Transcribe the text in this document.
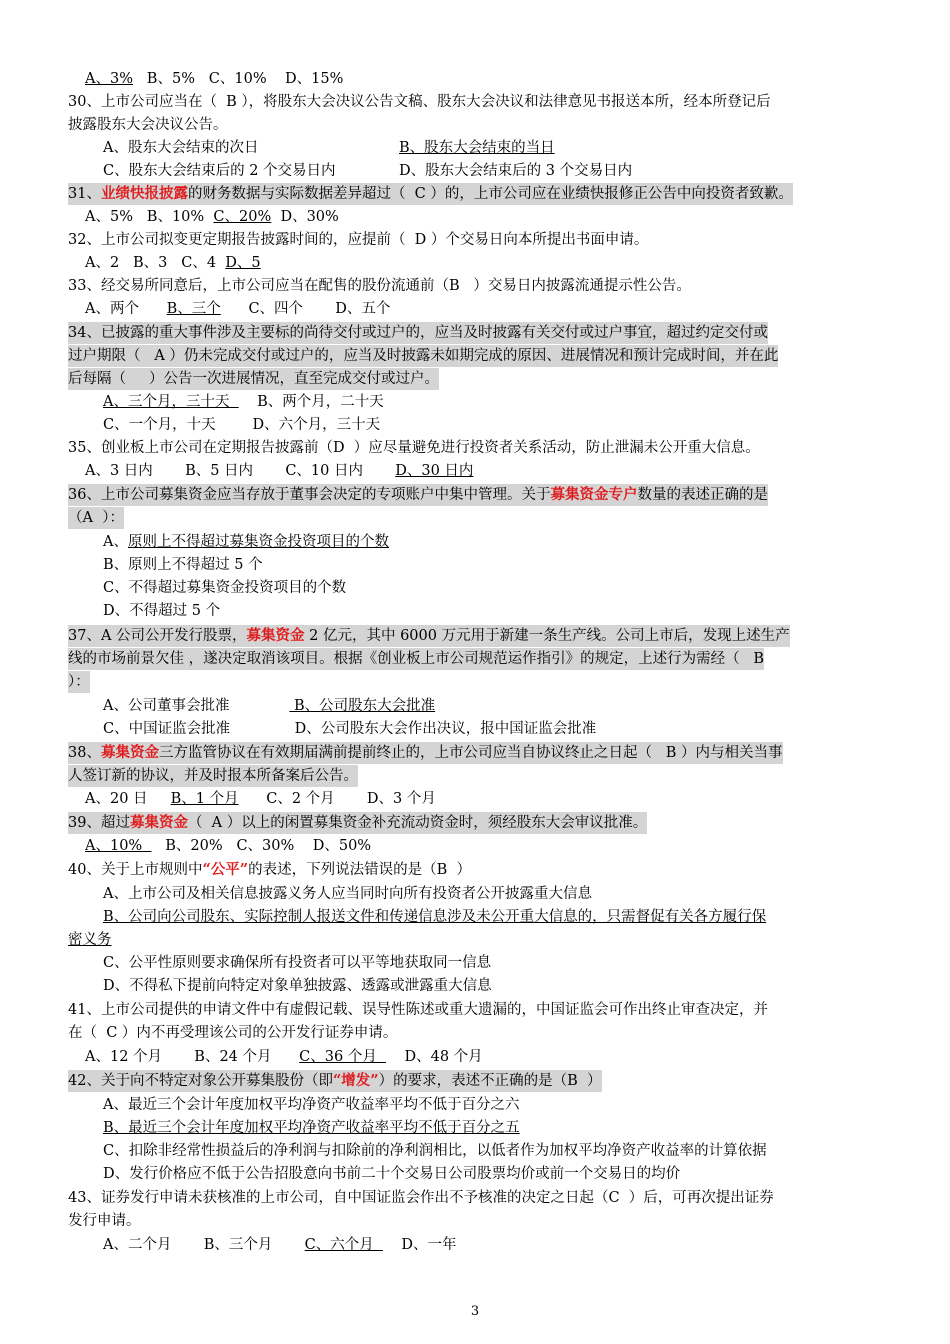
A、3%   B、5%   C、10%    D、15%
30、上市公司应当在（  B ），将股东大会决议公告文稿、股东大会决议和法律意见书报送本所，经本所登记后
披露股东大会决议公告。
A、股东大会结束的次日	B、股东大会结束的当日
C、股东大会结束后的 2 个交易日内	D、股东大会结束后的 3 个交易日内
31、业绩快报披露的财务数据与实际数据差异超过（  C ）的，上市公司应在业绩快报修正公告中向投资者致歉。
A、5%   B、10%  C、20%  D、30%
32、上市公司拟变更定期报告披露时间的，应提前（  D ）个交易日向本所提出书面申请。
A、2   B、3   C、4  D、5
33、经交易所同意后，上市公司应当在配售的股份流通前（B   ）交易日内披露流通提示性公告。
A、两个      B、三个      C、四个       D、五个
34、已披露的重大事件涉及主要标的尚待交付或过户的，应当及时披露有关交付或过户事宜，超过约定交付或
过户期限（   A ）仍未完成交付或过户的，应当及时披露未如期完成的原因、进展情况和预计完成时间，并在此
后每隔（     ）公告一次进展情况，直至完成交付或过户。
A、三个月，三十天      B、两个月，二十天
C、一个月，十天        D、六个月，三十天
35、创业板上市公司在定期报告披露前（D  ）应尽量避免进行投资者关系活动，防止泄漏未公开重大信息。
A、3 日内       B、5 日内       C、10 日内       D、30 日内
36、上市公司募集资金应当存放于董事会决定的专项账户中集中管理。关于募集资金专户数量的表述正确的是
（A  ）：
A、原则上不得超过募集资金投资项目的个数
B、原则上不得超过 5 个
C、不得超过募集资金投资项目的个数
D、不得超过 5 个
37、A 公司公开发行股票，募集资金 2 亿元，其中 6000 万元用于新建一条生产线。公司上市后，发现上述生产
线的市场前景欠佳 ，遂决定取消该项目。根据《创业板上市公司规范运作指引》的规定，上述行为需经（   B
）：
A、公司董事会批准              B、公司股东大会批准
C、中国证监会批准              D、公司股东大会作出决议，报中国证监会批准
38、募集资金三方监管协议在有效期届满前提前终止的，上市公司应当自协议终止之日起（   B ）内与相关当事
人签订新的协议，并及时报本所备案后公告。
A、20 日     B、1 个月      C、2 个月       D、3 个月
39、超过募集资金（  A ）以上的闲置募集资金补充流动资金时，须经股东大会审议批准。
A、10%     B、20%   C、30%    D、50%
40、关于上市规则中“公平”的表述，下列说法错误的是（B  ）
A、上市公司及相关信息披露义务人应当同时向所有投资者公开披露重大信息
B、公司向公司股东、实际控制人报送文件和传递信息涉及未公开重大信息的，只需督促有关各方履行保
密义务
C、公平性原则要求确保所有投资者可以平等地获取同一信息
D、不得私下提前向特定对象单独披露、透露或泄露重大信息
41、上市公司提供的申请文件中有虚假记载、误导性陈述或重大遗漏的，中国证监会可作出终止审查决定，并
在（  C ）内不再受理该公司的公开发行证券申请。
A、12 个月       B、24 个月      C、36 个月      D、48 个月
42、关于向不特定对象公开募集股份（即“增发”）的要求，表述不正确的是（B  ）
A、最近三个会计年度加权平均净资产收益率平均不低于百分之六
B、最近三个会计年度加权平均净资产收益率平均不低于百分之五
C、扣除非经常性损益后的净利润与扣除前的净利润相比，以低者作为加权平均净资产收益率的计算依据
D、发行价格应不低于公告招股意向书前二十个交易日公司股票均价或前一个交易日的均价
43、证券发行申请未获核准的上市公司，自中国证监会作出不予核准的决定之日起（C  ）后，可再次提出证券
发行申请。
A、二个月       B、三个月       C、六个月      D、一年
3
